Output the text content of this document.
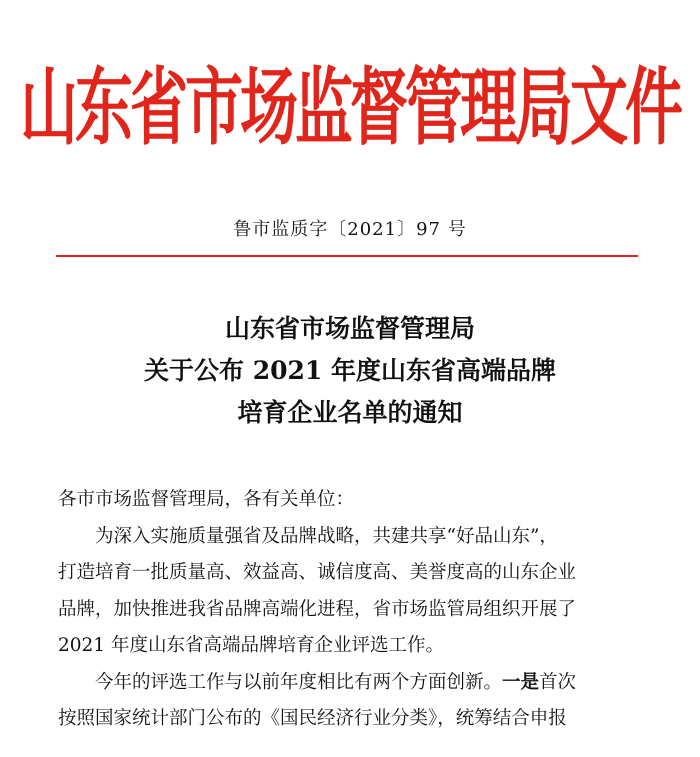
山东省市场监督管理局文件
鲁市监质字〔2021〕97 号
山东省市场监督管理局
关于公布 2021 年度山东省高端品牌
培育企业名单的通知
各市市场监督管理局，各有关单位：
为深入实施质量强省及品牌战略，共建共享“好品山东”，
打造培育一批质量高、效益高、诚信度高、美誉度高的山东企业
品牌，加快推进我省品牌高端化进程，省市场监管局组织开展了
2021 年度山东省高端品牌培育企业评选工作。
今年的评选工作与以前年度相比有两个方面创新。一是首次
按照国家统计部门公布的《国民经济行业分类》，统筹结合申报
